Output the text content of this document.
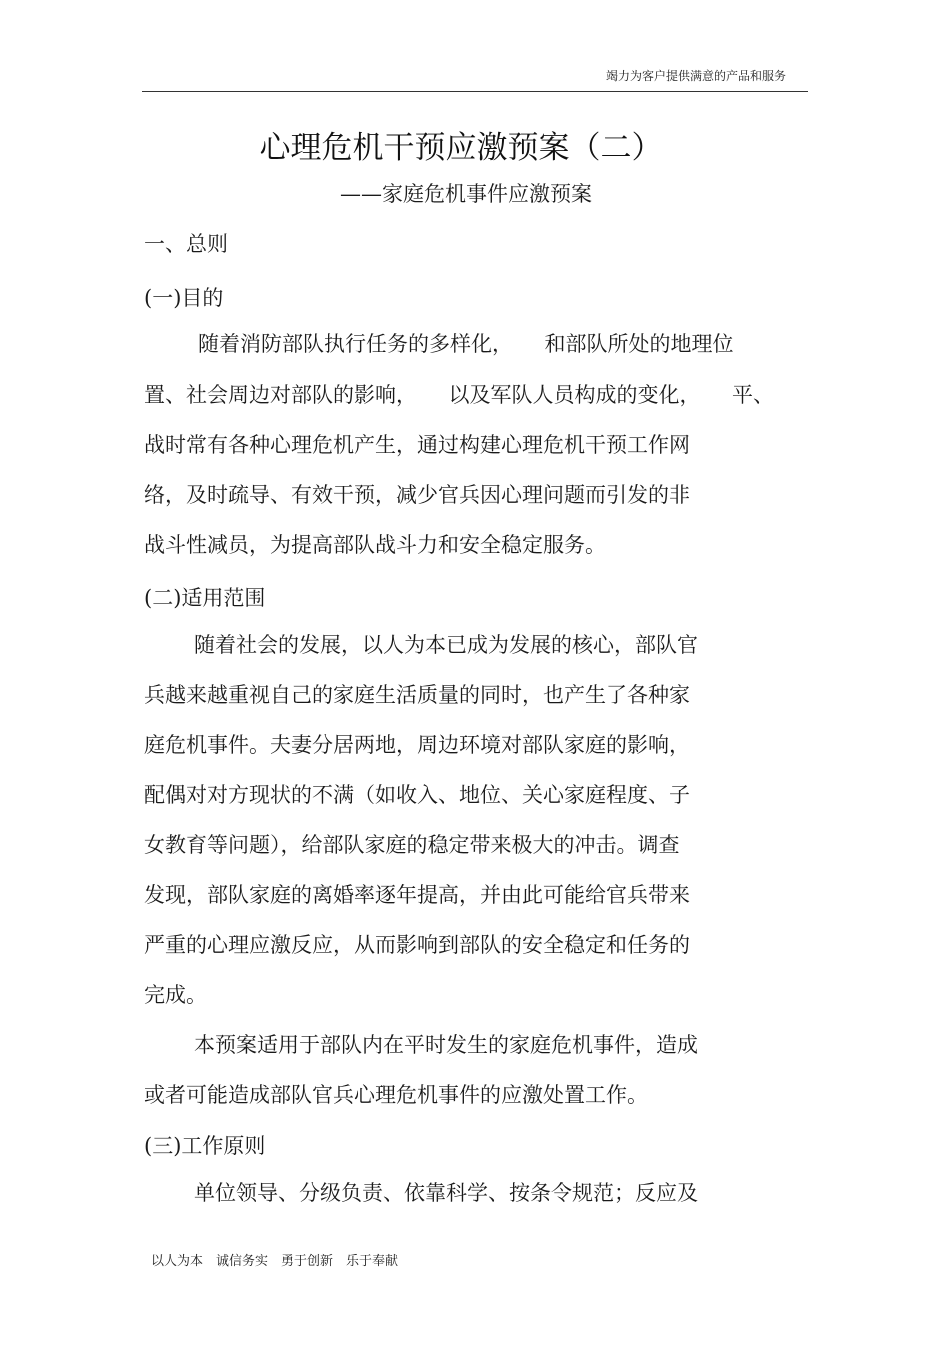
竭力为客户提供满意的产品和服务
心理危机干预应激预案（二）
——家庭危机事件应激预案
一、总则
(一)目的
随着消防部队执行任务的多样化，　　和部队所处的地理位
置、社会周边对部队的影响，　　以及军队人员构成的变化，　　平、
战时常有各种心理危机产生，通过构建心理危机干预工作网
络，及时疏导、有效干预，减少官兵因心理问题而引发的非
战斗性减员，为提高部队战斗力和安全稳定服务。
(二)适用范围
随着社会的发展，以人为本已成为发展的核心，部队官
兵越来越重视自己的家庭生活质量的同时，也产生了各种家
庭危机事件。夫妻分居两地，周边环境对部队家庭的影响，
配偶对对方现状的不满（如收入、地位、关心家庭程度、子
女教育等问题），给部队家庭的稳定带来极大的冲击。调查
发现，部队家庭的离婚率逐年提高，并由此可能给官兵带来
严重的心理应激反应，从而影响到部队的安全稳定和任务的
完成。
本预案适用于部队内在平时发生的家庭危机事件，造成
或者可能造成部队官兵心理危机事件的应激处置工作。
(三)工作原则
单位领导、分级负责、依靠科学、按条令规范；反应及
以人为本　诚信务实　勇于创新　乐于奉献
